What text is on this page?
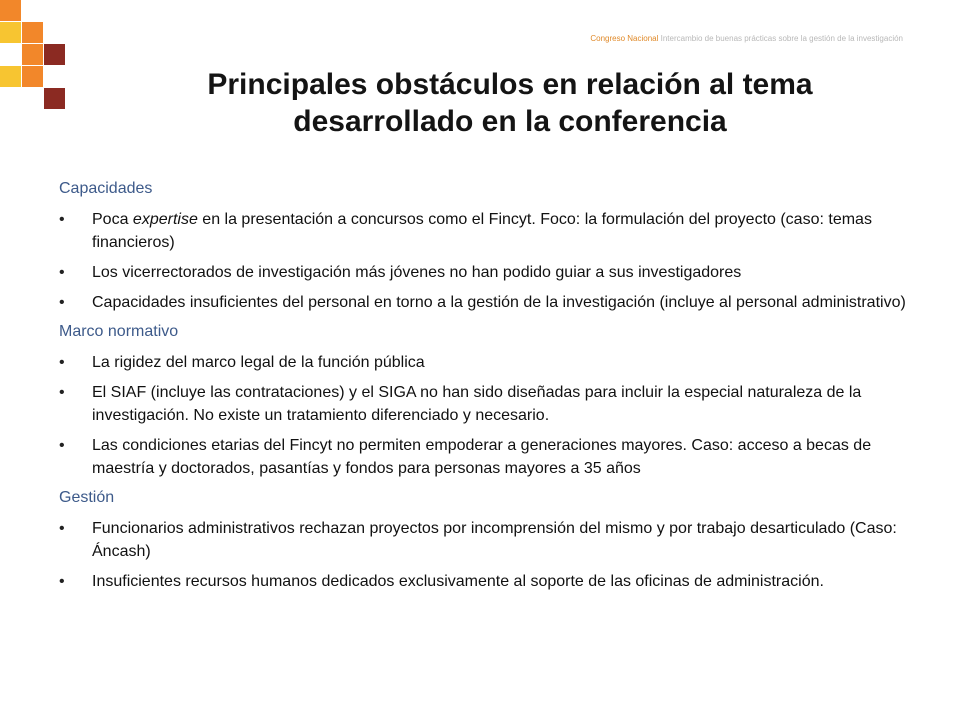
Congreso Nacional Intercambio de buenas prácticas sobre la gestión de la investigación
Principales obstáculos en relación al tema
desarrollado en la conferencia
Capacidades
• Poca expertise en la presentación a concursos como el Fincyt. Foco: la formulación del proyecto (caso: temas financieros)
• Los vicerrectorados de investigación más jóvenes no han podido guiar a sus investigadores
• Capacidades insuficientes del personal en torno a la gestión de la investigación (incluye al personal administrativo)
Marco normativo
• La rigidez del marco legal de la función pública
• El SIAF (incluye las contrataciones) y el SIGA no han sido diseñadas para incluir la especial naturaleza de la investigación. No existe un tratamiento diferenciado y necesario.
• Las condiciones etarias del Fincyt no permiten empoderar a generaciones mayores. Caso: acceso a becas de maestría y doctorados, pasantías y fondos para personas mayores a 35 años
Gestión
• Funcionarios administrativos rechazan proyectos por incomprensión del mismo y por trabajo desarticulado (Caso: Áncash)
• Insuficientes recursos humanos dedicados exclusivamente al soporte de las oficinas de administración.
